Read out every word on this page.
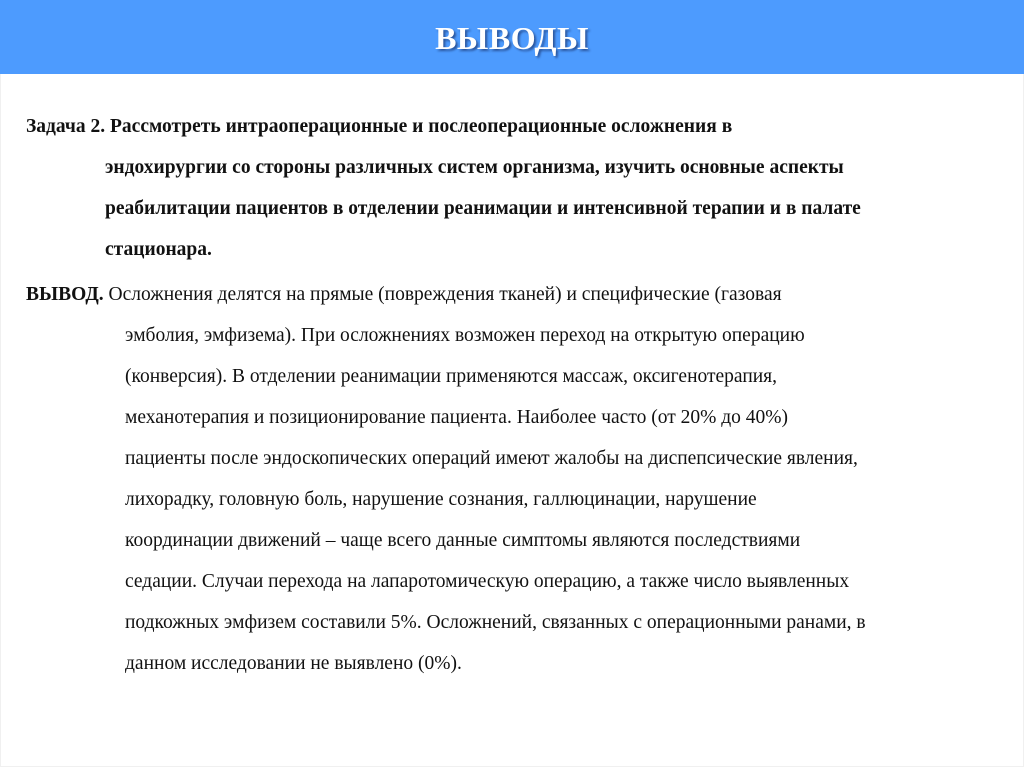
ВЫВОДЫ
Задача 2. Рассмотреть интраоперационные и послеоперационные осложнения в
эндохирургии со стороны различных систем организма, изучить основные аспекты
реабилитации пациентов в отделении реанимации и интенсивной терапии и в палате
стационара.
ВЫВОД. Осложнения делятся на прямые (повреждения тканей) и специфические (газовая
эмболия, эмфизема). При осложнениях возможен переход на открытую операцию
(конверсия). В отделении реанимации применяются массаж, оксигенотерапия,
механотерапия и позиционирование пациента. Наиболее часто (от 20% до 40%)
пациенты после эндоскопических операций имеют жалобы на диспепсические явления,
лихорадку, головную боль, нарушение сознания, галлюцинации, нарушение
координации движений – чаще всего данные симптомы являются последствиями
седации. Случаи перехода на лапаротомическую операцию, а также число выявленных
подкожных эмфизем составили 5%. Осложнений, связанных с операционными ранами, в
данном исследовании не выявлено (0%).
